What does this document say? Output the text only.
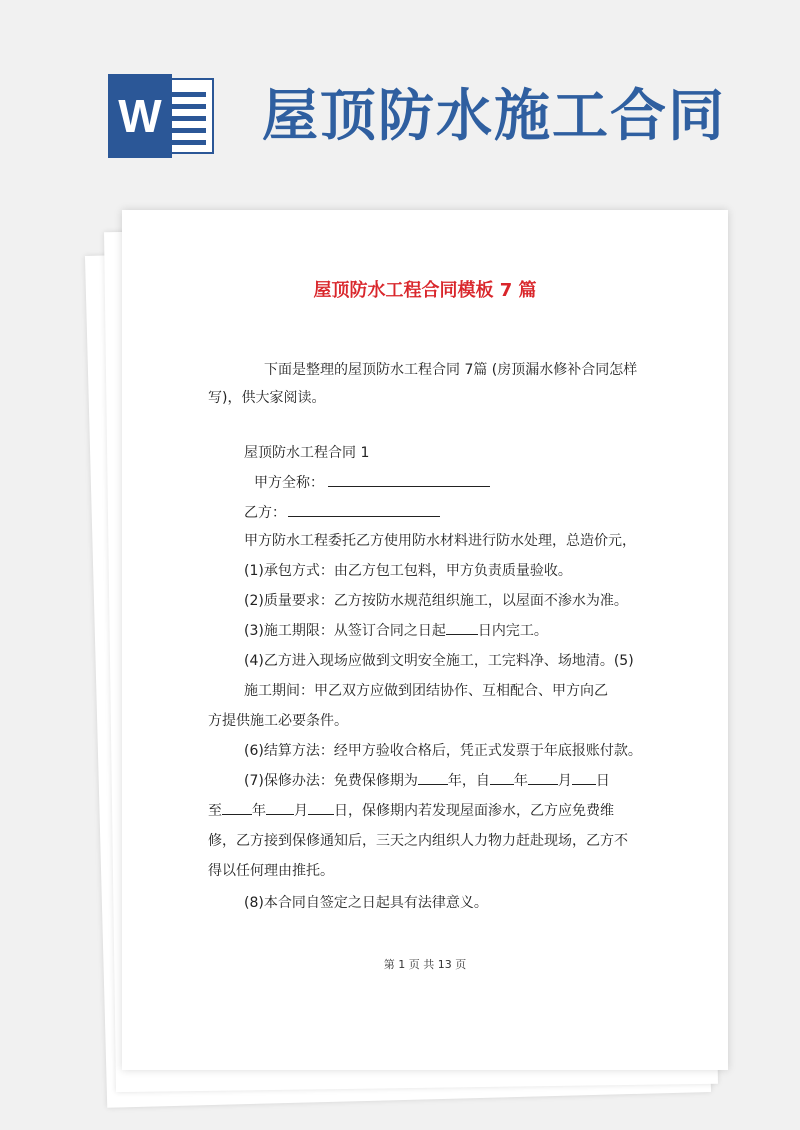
W 屋顶防水施工合同
屋顶防水工程合同模板 7 篇
下面是整理的屋顶防水工程合同 7篇 (房顶漏水修补合同怎样写)，供大家阅读。
屋顶防水工程合同 1
甲方全称：
乙方：
甲方防水工程委托乙方使用防水材料进行防水处理，总造价元，
(1)承包方式：由乙方包工包料，甲方负责质量验收。
(2)质量要求：乙方按防水规范组织施工，以屋面不渗水为准。
(3)施工期限：从签订合同之日起 日内完工。
(4)乙方进入现场应做到文明安全施工，工完料净、场地清。(5)
施工期间：甲乙双方应做到团结协作、互相配合、甲方向乙
方提供施工必要条件。
(6)结算方法：经甲方验收合格后，凭正式发票于年底报账付款。
(7)保修办法：免费保修期为 年，自 年 月 日
至 年 月 日，保修期内若发现屋面渗水，乙方应免费维
修，乙方接到保修通知后，三天之内组织人力物力赶赴现场，乙方不
得以任何理由推托。
(8)本合同自签定之日起具有法律意义。
第 1 页 共 13 页
